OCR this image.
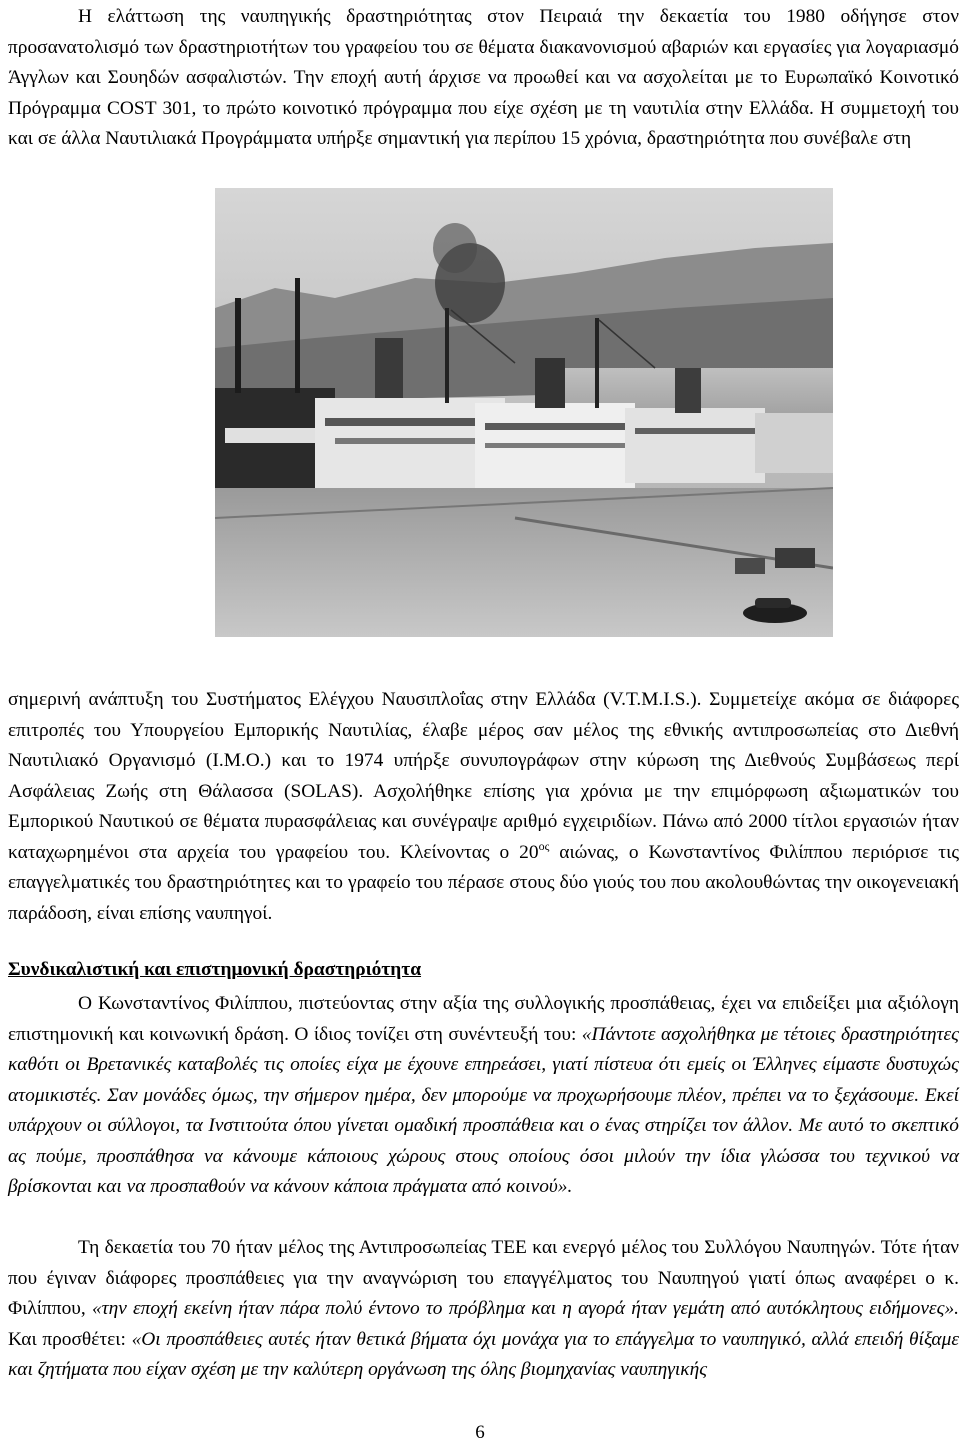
Η ελάττωση της ναυπηγικής δραστηριότητας στον Πειραιά την δεκαετία του 1980 οδήγησε στον προσανατολισμό των δραστηριοτήτων του γραφείου του σε θέματα διακανονισμού αβαριών και εργασίες για λογαριασμό Άγγλων και Σουηδών ασφαλιστών. Την εποχή αυτή άρχισε να προωθεί και να ασχολείται με το Ευρωπαϊκό Κοινοτικό Πρόγραμμα COST 301, το πρώτο κοινοτικό πρόγραμμα που είχε σχέση με τη ναυτιλία στην Ελλάδα. Η συμμετοχή του και σε άλλα Ναυτιλιακά Προγράμματα υπήρξε σημαντική για περίπου 15 χρόνια, δραστηριότητα που συνέβαλε στη

σημερινή ανάπτυξη του Συστήματος Ελέγχου Ναυσιπλοΐας στην Ελλάδα (V.T.M.I.S.). Συμμετείχε ακόμα σε διάφορες επιτροπές του Υπουργείου Εμπορικής Ναυτιλίας, έλαβε μέρος σαν μέλος της εθνικής αντιπροσωπείας στο Διεθνή Ναυτιλιακό Οργανισμό (Ι.Μ.Ο.) και το 1974 υπήρξε συνυπογράφων στην κύρωση της Διεθνούς Συμβάσεως περί Ασφάλειας Ζωής στη Θάλασσα (SOLAS). Ασχολήθηκε επίσης για χρόνια με την επιμόρφωση αξιωματικών του Εμπορικού Ναυτικού σε θέματα πυρασφάλειας και συνέγραψε αριθμό εγχειριδίων. Πάνω από 2000 τίτλοι εργασιών ήταν καταχωρημένοι στα αρχεία του γραφείου του. Κλείνοντας ο $20^{o\varsigma}$ αιώνας, ο Κωνσταντίνος Φιλίππου περιόρισε τις επαγγελματικές του δραστηριότητες και το γραφείο του πέρασε στους δύο γιούς του που ακολουθώντας την οικογενειακή παράδοση, είναι επίσης ναυπηγοί.

Συνδικαλιστική και επιστημονική δραστηριότητα

Ο Κωνσταντίνος Φιλίππου, πιστεύοντας στην αξία της συλλογικής προσπάθειας, έχει να επιδείξει μια αξιόλογη επιστημονική και κοινωνική δράση. Ο ίδιος τονίζει στη συνέντευξή του: «Πάντοτε ασχολήθηκα με τέτοιες δραστηριότητες καθότι οι Βρετανικές καταβολές τις οποίες είχα με έχουνε επηρεάσει, γιατί πίστευα ότι εμείς οι Έλληνες είμαστε δυστυχώς ατομικιστές. Σαν μονάδες όμως, την σήμερον ημέρα, δεν μπορούμε να προχωρήσουμε πλέον, πρέπει να το ξεχάσουμε. Εκεί υπάρχουν οι σύλλογοι, τα Ινστιτούτα όπου γίνεται ομαδική προσπάθεια και ο ένας στηρίζει τον άλλον. Με αυτό το σκεπτικό ας πούμε, προσπάθησα να κάνουμε κάποιους χώρους στους οποίους όσοι μιλούν την ίδια γλώσσα του τεχνικού να βρίσκονται και να προσπαθούν να κάνουν κάποια πράγματα από κοινού».

Τη δεκαετία του 70 ήταν μέλος της Αντιπροσωπείας ΤΕΕ και ενεργό μέλος του Συλλόγου Ναυπηγών. Τότε ήταν που έγιναν διάφορες προσπάθειες για την αναγνώριση του επαγγέλματος του Ναυπηγού γιατί όπως αναφέρει ο κ. Φιλίππου, «την εποχή εκείνη ήταν πάρα πολύ έντονο το πρόβλημα και η αγορά ήταν γεμάτη από αυτόκλητους ειδήμονες». Και προσθέτει: «Οι προσπάθειες αυτές ήταν θετικά βήματα όχι μονάχα για το επάγγελμα το ναυπηγικό, αλλά επειδή θίξαμε και ζητήματα που είχαν σχέση με την καλύτερη οργάνωση της όλης βιομηχανίας ναυπηγικής

6
